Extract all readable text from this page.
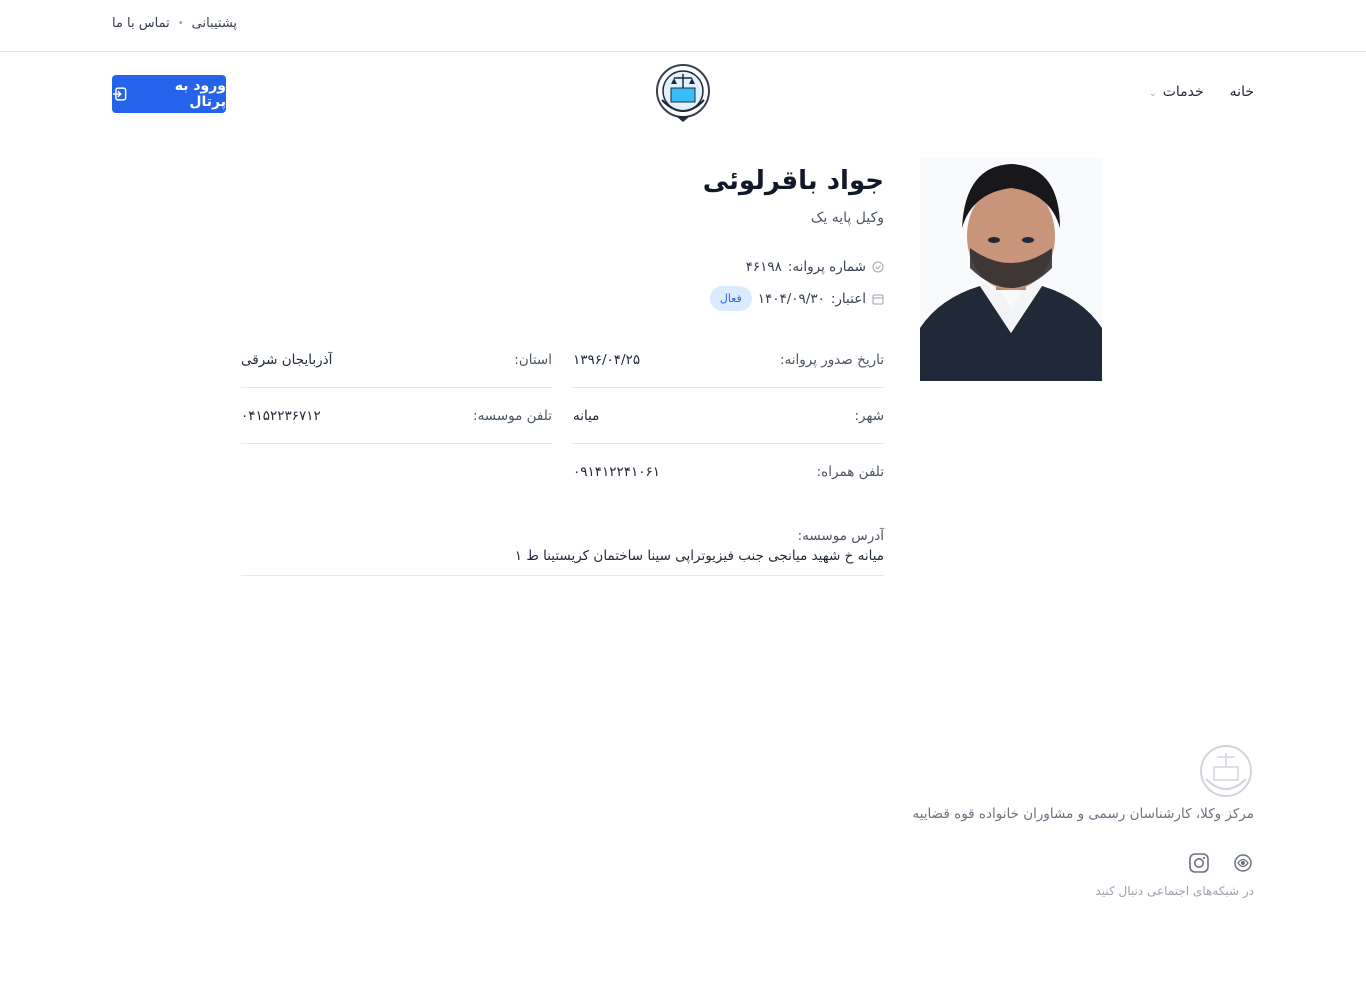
پشتیبانی
•
تماس با ما
خانه
خدمات⌄
ورود به پرتال
جواد باقرلوئی
وکیل پایه یک
شماره پروانه:
۴۶۱۹۸
اعتبار:
۱۴۰۴/۰۹/۳۰
فعال
تاریخ صدور پروانه:
۱۳۹۶/۰۴/۲۵
استان:
آذربایجان شرقی
شهر:
میانه
تلفن موسسه:
۰۴۱۵۲۲۳۶۷۱۲
تلفن همراه:
۰۹۱۴۱۲۲۴۱۰۶۱
آدرس موسسه:
میانه خ شهید میانجی جنب فیزیوتراپی سینا ساختمان کریستینا ط ۱
مرکز وکلا، کارشناسان رسمی و مشاوران خانواده قوه قضاییه
در شبکه‌های اجتماعی دنبال کنید
